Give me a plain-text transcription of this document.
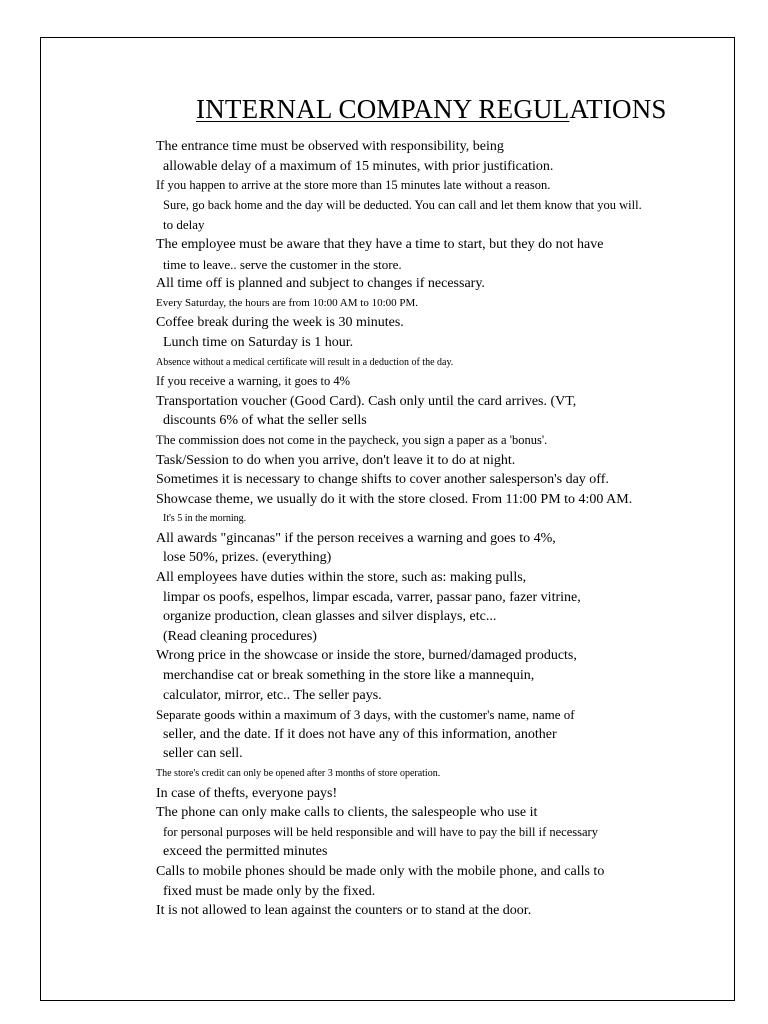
INTERNAL COMPANY REGULATIONS
The entrance time must be observed with responsibility, being
allowable delay of a maximum of 15 minutes, with prior justification.
If you happen to arrive at the store more than 15 minutes late without a reason.
Sure, go back home and the day will be deducted. You can call and let them know that you will.
to delay
The employee must be aware that they have a time to start, but they do not have
time to leave.. serve the customer in the store.
All time off is planned and subject to changes if necessary.
Every Saturday, the hours are from 10:00 AM to 10:00 PM.
Coffee break during the week is 30 minutes.
Lunch time on Saturday is 1 hour.
Absence without a medical certificate will result in a deduction of the day.
If you receive a warning, it goes to 4%
Transportation voucher (Good Card). Cash only until the card arrives. (VT,
discounts 6% of what the seller sells
The commission does not come in the paycheck, you sign a paper as a 'bonus'.
Task/Session to do when you arrive, don't leave it to do at night.
Sometimes it is necessary to change shifts to cover another salesperson's day off.
Showcase theme, we usually do it with the store closed. From 11:00 PM to 4:00 AM.
It's 5 in the morning.
All awards "gincanas" if the person receives a warning and goes to 4%,
lose 50%, prizes. (everything)
All employees have duties within the store, such as: making pulls,
limpar os poofs, espelhos, limpar escada, varrer, passar pano, fazer vitrine,
organize production, clean glasses and silver displays, etc...
(Read cleaning procedures)
Wrong price in the showcase or inside the store, burned/damaged products,
merchandise cat or break something in the store like a mannequin,
calculator, mirror, etc.. The seller pays.
Separate goods within a maximum of 3 days, with the customer's name, name of
seller, and the date. If it does not have any of this information, another
seller can sell.
The store's credit can only be opened after 3 months of store operation.
In case of thefts, everyone pays!
The phone can only make calls to clients, the salespeople who use it
for personal purposes will be held responsible and will have to pay the bill if necessary
exceed the permitted minutes
Calls to mobile phones should be made only with the mobile phone, and calls to
fixed must be made only by the fixed.
It is not allowed to lean against the counters or to stand at the door.
